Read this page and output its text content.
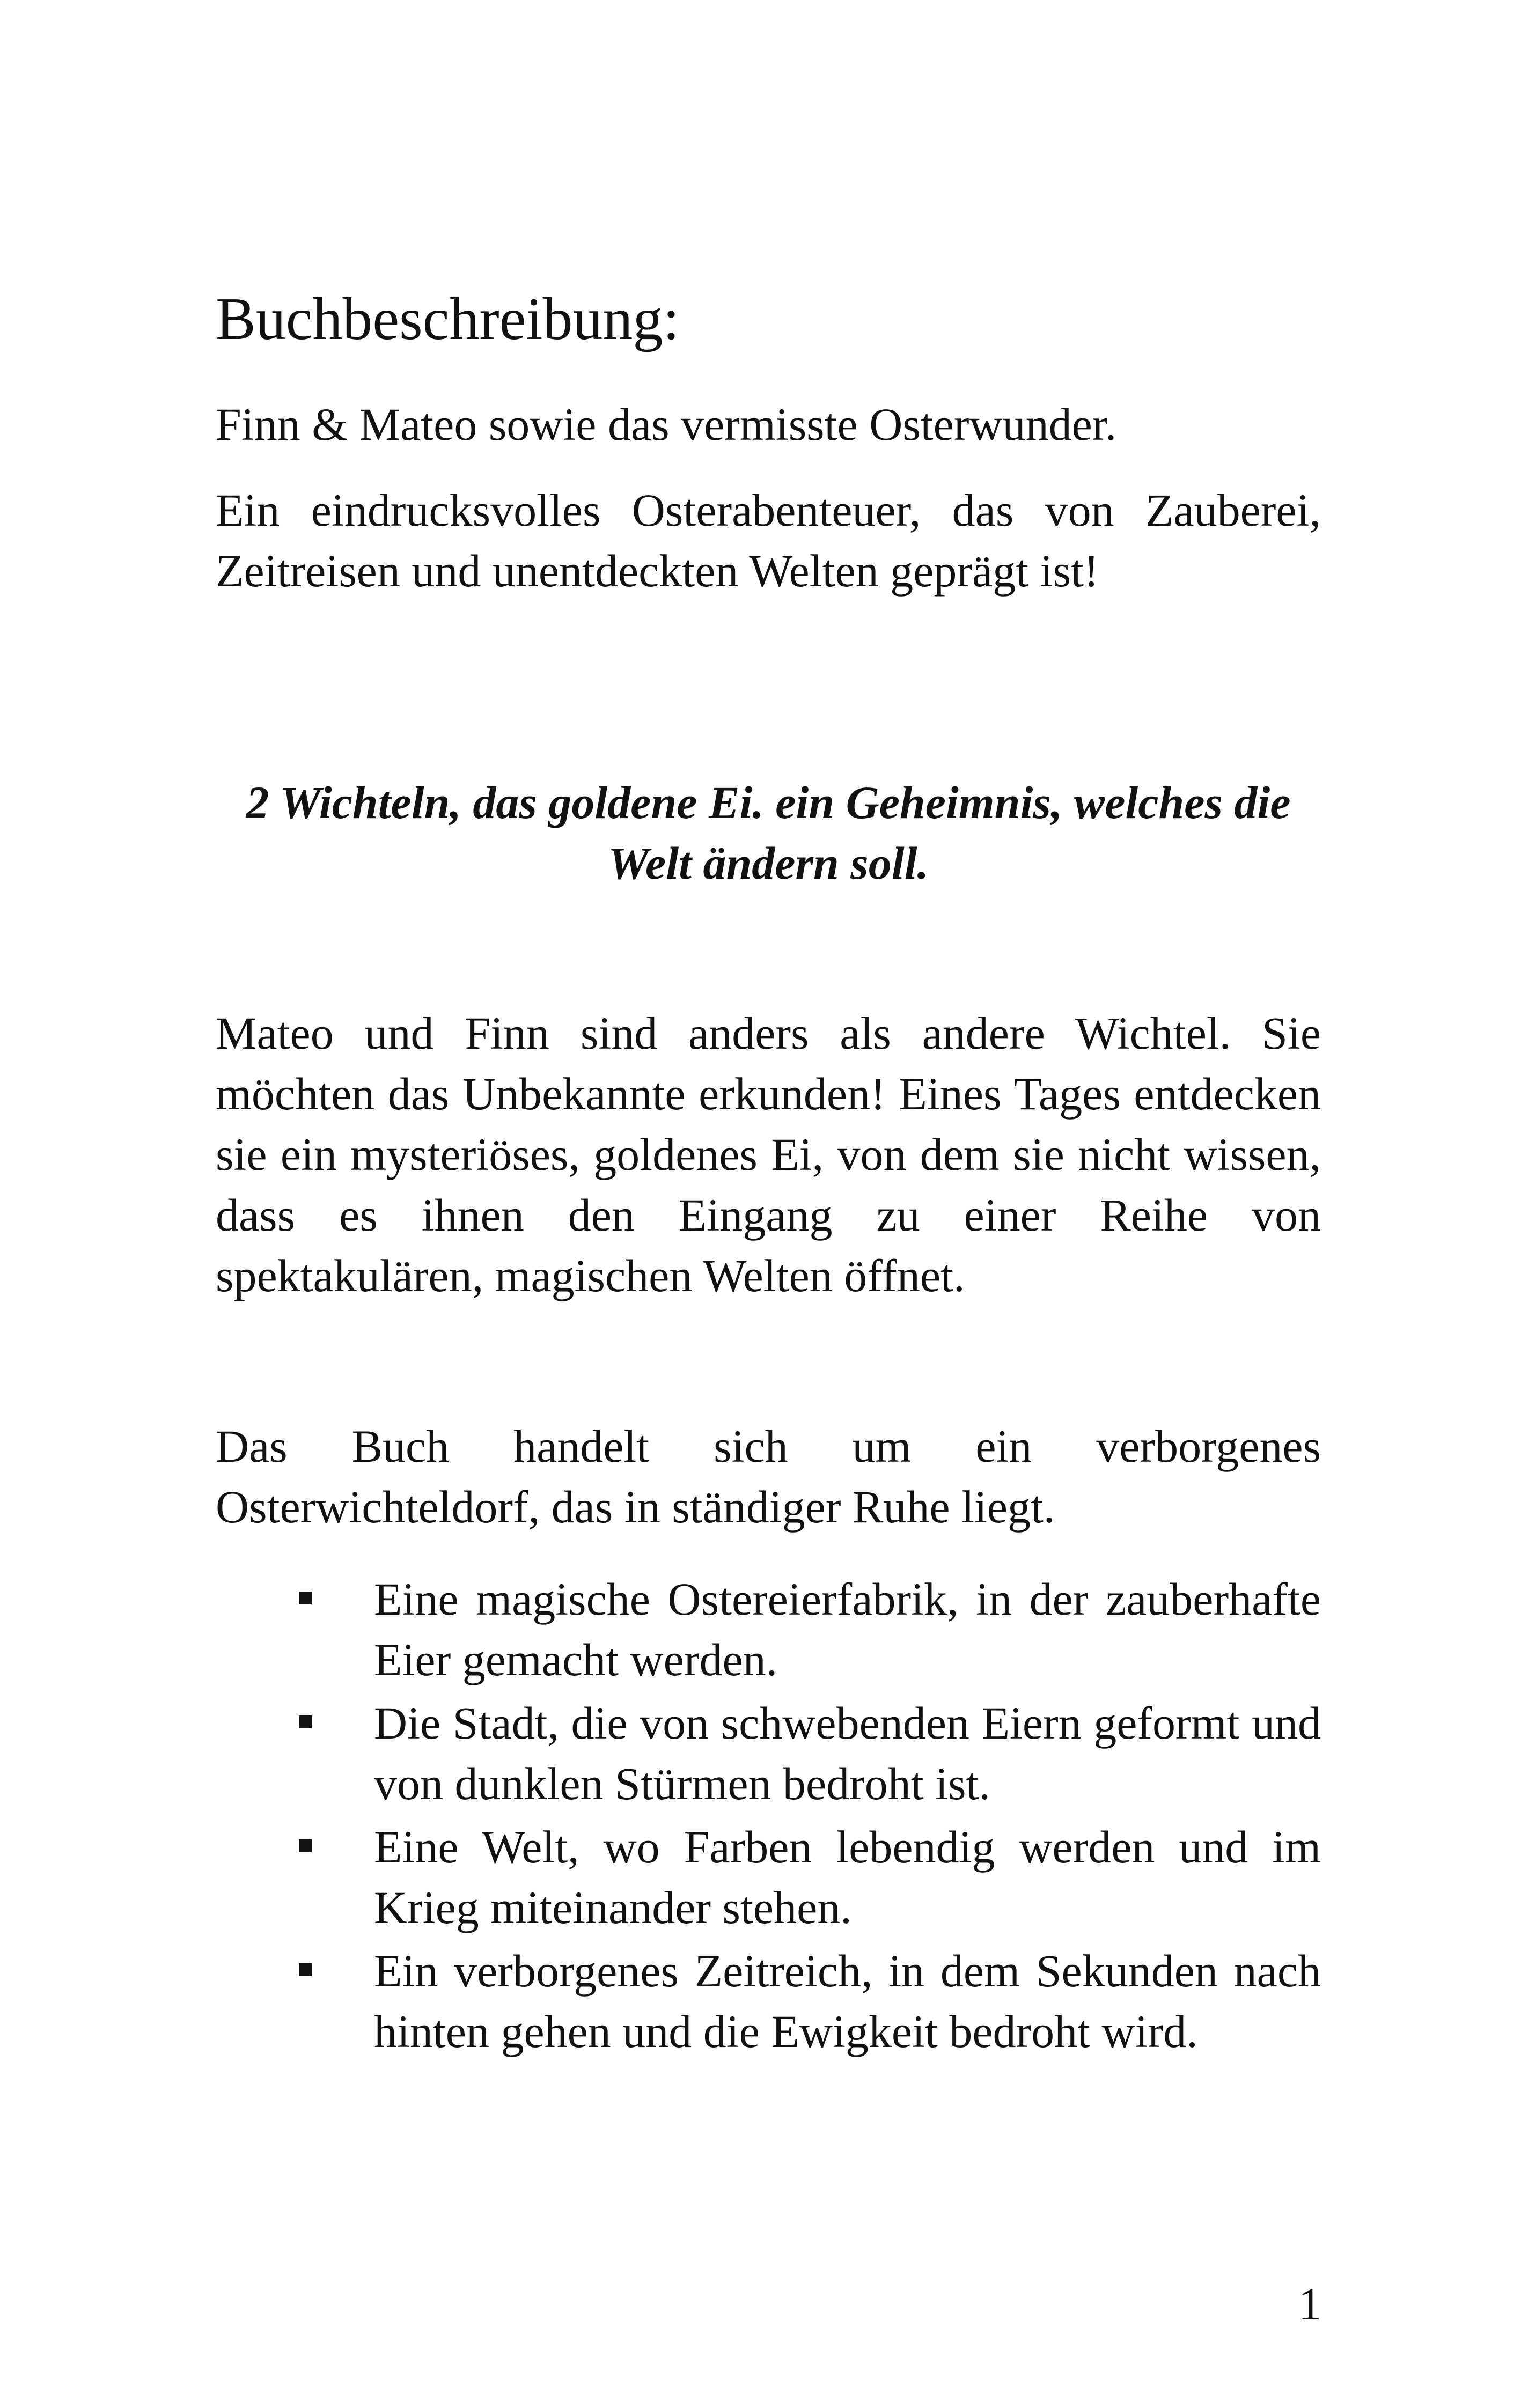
Buchbeschreibung:

Finn & Mateo sowie das vermisste Osterwunder.

Ein eindrucksvolles Osterabenteuer, das von Zauberei, Zeitreisen und unentdeckten Welten geprägt ist!

2 Wichteln, das goldene Ei. ein Geheimnis, welches die Welt ändern soll.

Mateo und Finn sind anders als andere Wichtel. Sie möchten das Unbekannte erkunden! Eines Tages entdecken sie ein mysteriöses, goldenes Ei, von dem sie nicht wissen, dass es ihnen den Eingang zu einer Reihe von spektakulären, magischen Welten öffnet.

Das Buch handelt sich um ein verborgenes Osterwichteldorf, das in ständiger Ruhe liegt.

Eine magische Ostereierfabrik, in der zauberhafte Eier gemacht werden.
Die Stadt, die von schwebenden Eiern geformt und von dunklen Stürmen bedroht ist.
Eine Welt, wo Farben lebendig werden und im Krieg miteinander stehen.
Ein verborgenes Zeitreich, in dem Sekunden nach hinten gehen und die Ewigkeit bedroht wird.

1
